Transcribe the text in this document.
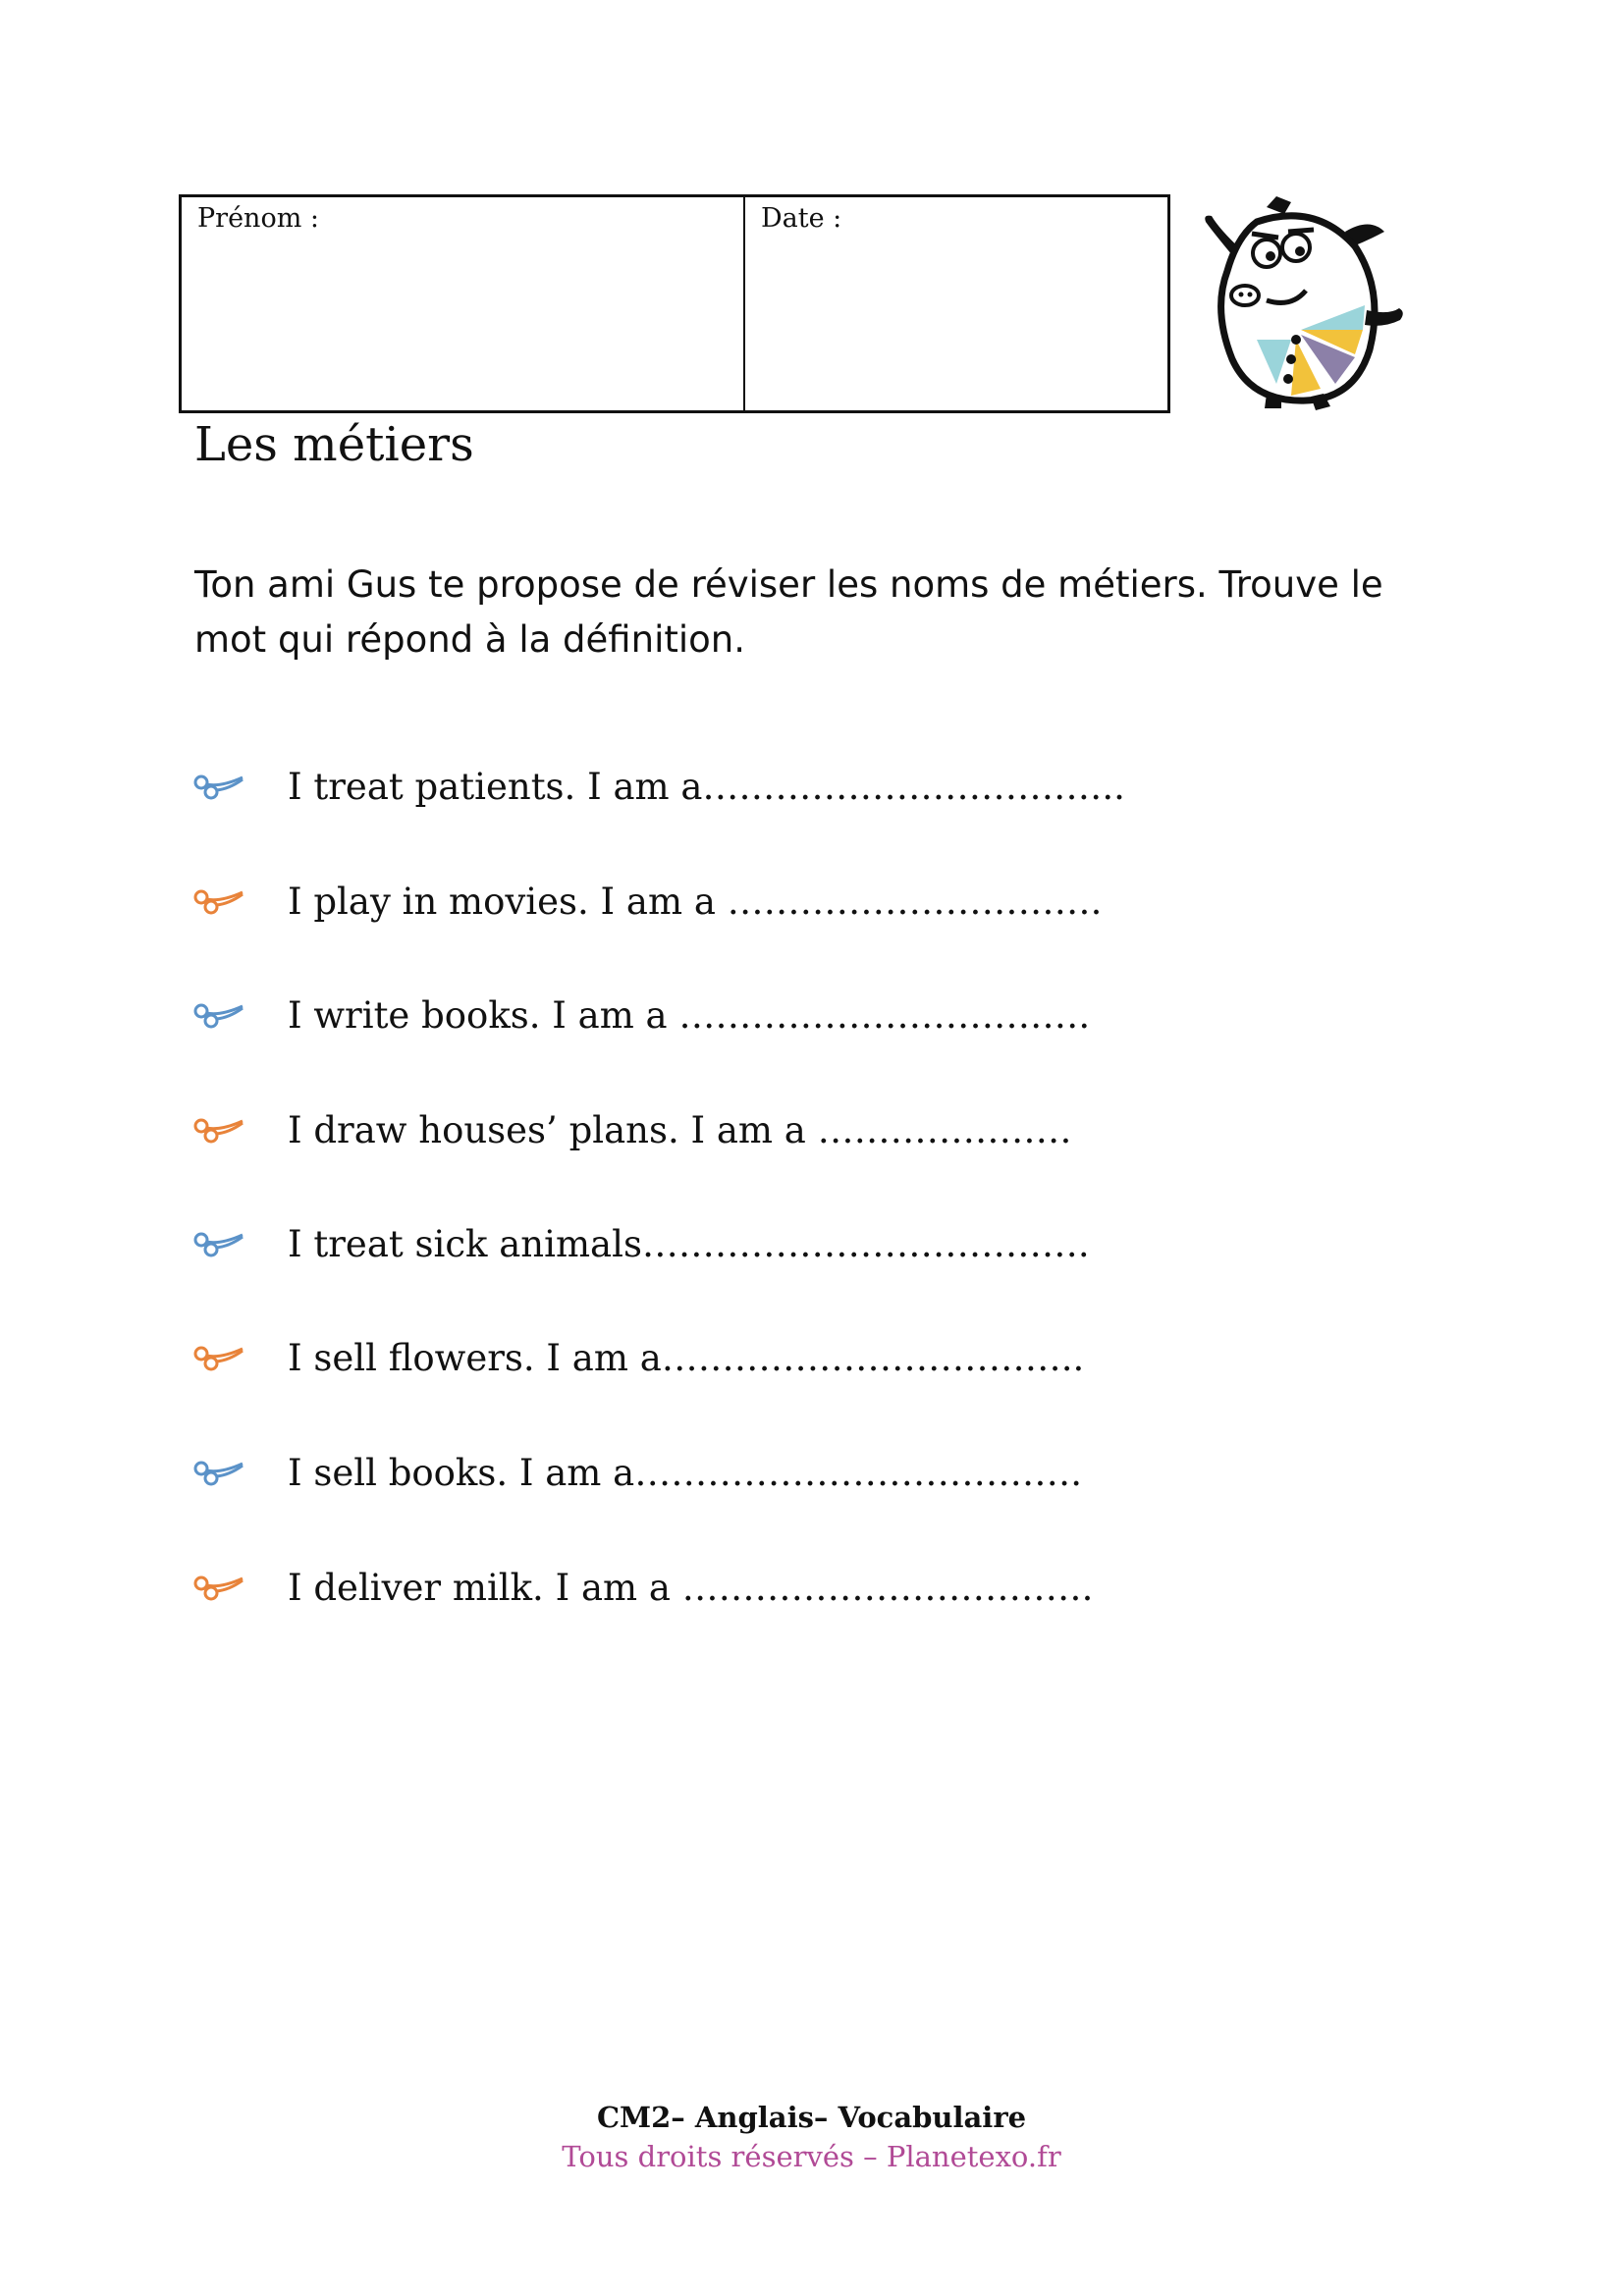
Prénom :	Date :
Les métiers

Ton ami Gus te propose de réviser les noms de métiers. Trouve le mot qui répond à la définition.

I treat patients. I am a……………………………..
I play in movies. I am a ………………………….
I write books. I am a …………………………….
I draw houses’ plans. I am a …………………
I treat sick animals……………………………….
I sell flowers. I am a……………………………..
I sell books. I am a……………………………….
I deliver milk. I am a …………………………….
CM2– Anglais– Vocabulaire
Tous droits réservés – Planetexo.fr
